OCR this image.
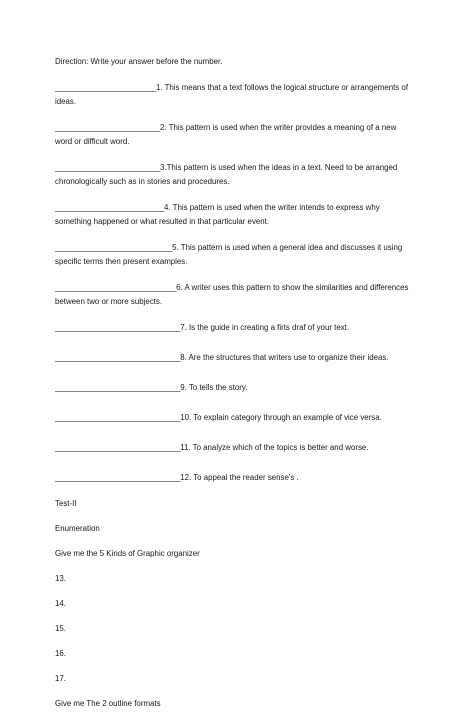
Direction: Write your answer before the number.

_________________________1. This means that a text follows the logical structure or arrangements of
ideas.
__________________________2. This pattern is used when the writer provides a meaning of a new
word or difficult word.
__________________________3.This pattern is used when the ideas in a text. Need to be arranged
chronologically such as in stories and procedures.
___________________________4. This pattern is used when the writer intends to express why
something happened or what resulted in that particular event.
_____________________________5. This pattern is used when a general idea and discusses it using
specific terms then present examples.
______________________________6. A writer uses this pattern to show the similarities and differences
between two or more subjects.
_______________________________7. Is the guide in creating a firts draf of your text.
_______________________________8. Are the structures that writers use to organize their ideas.
_______________________________9. To tells the story.
_______________________________10. To explain category through an example of vice versa.
_______________________________11. To analyze which of the topics is better and worse.
_______________________________12. To appeal the reader sense's .

Test-II

Enumeration

Give me the 5 Kinds of Graphic organizer

13.

14.

15.

16.

17.

Give me The 2 outline formats
